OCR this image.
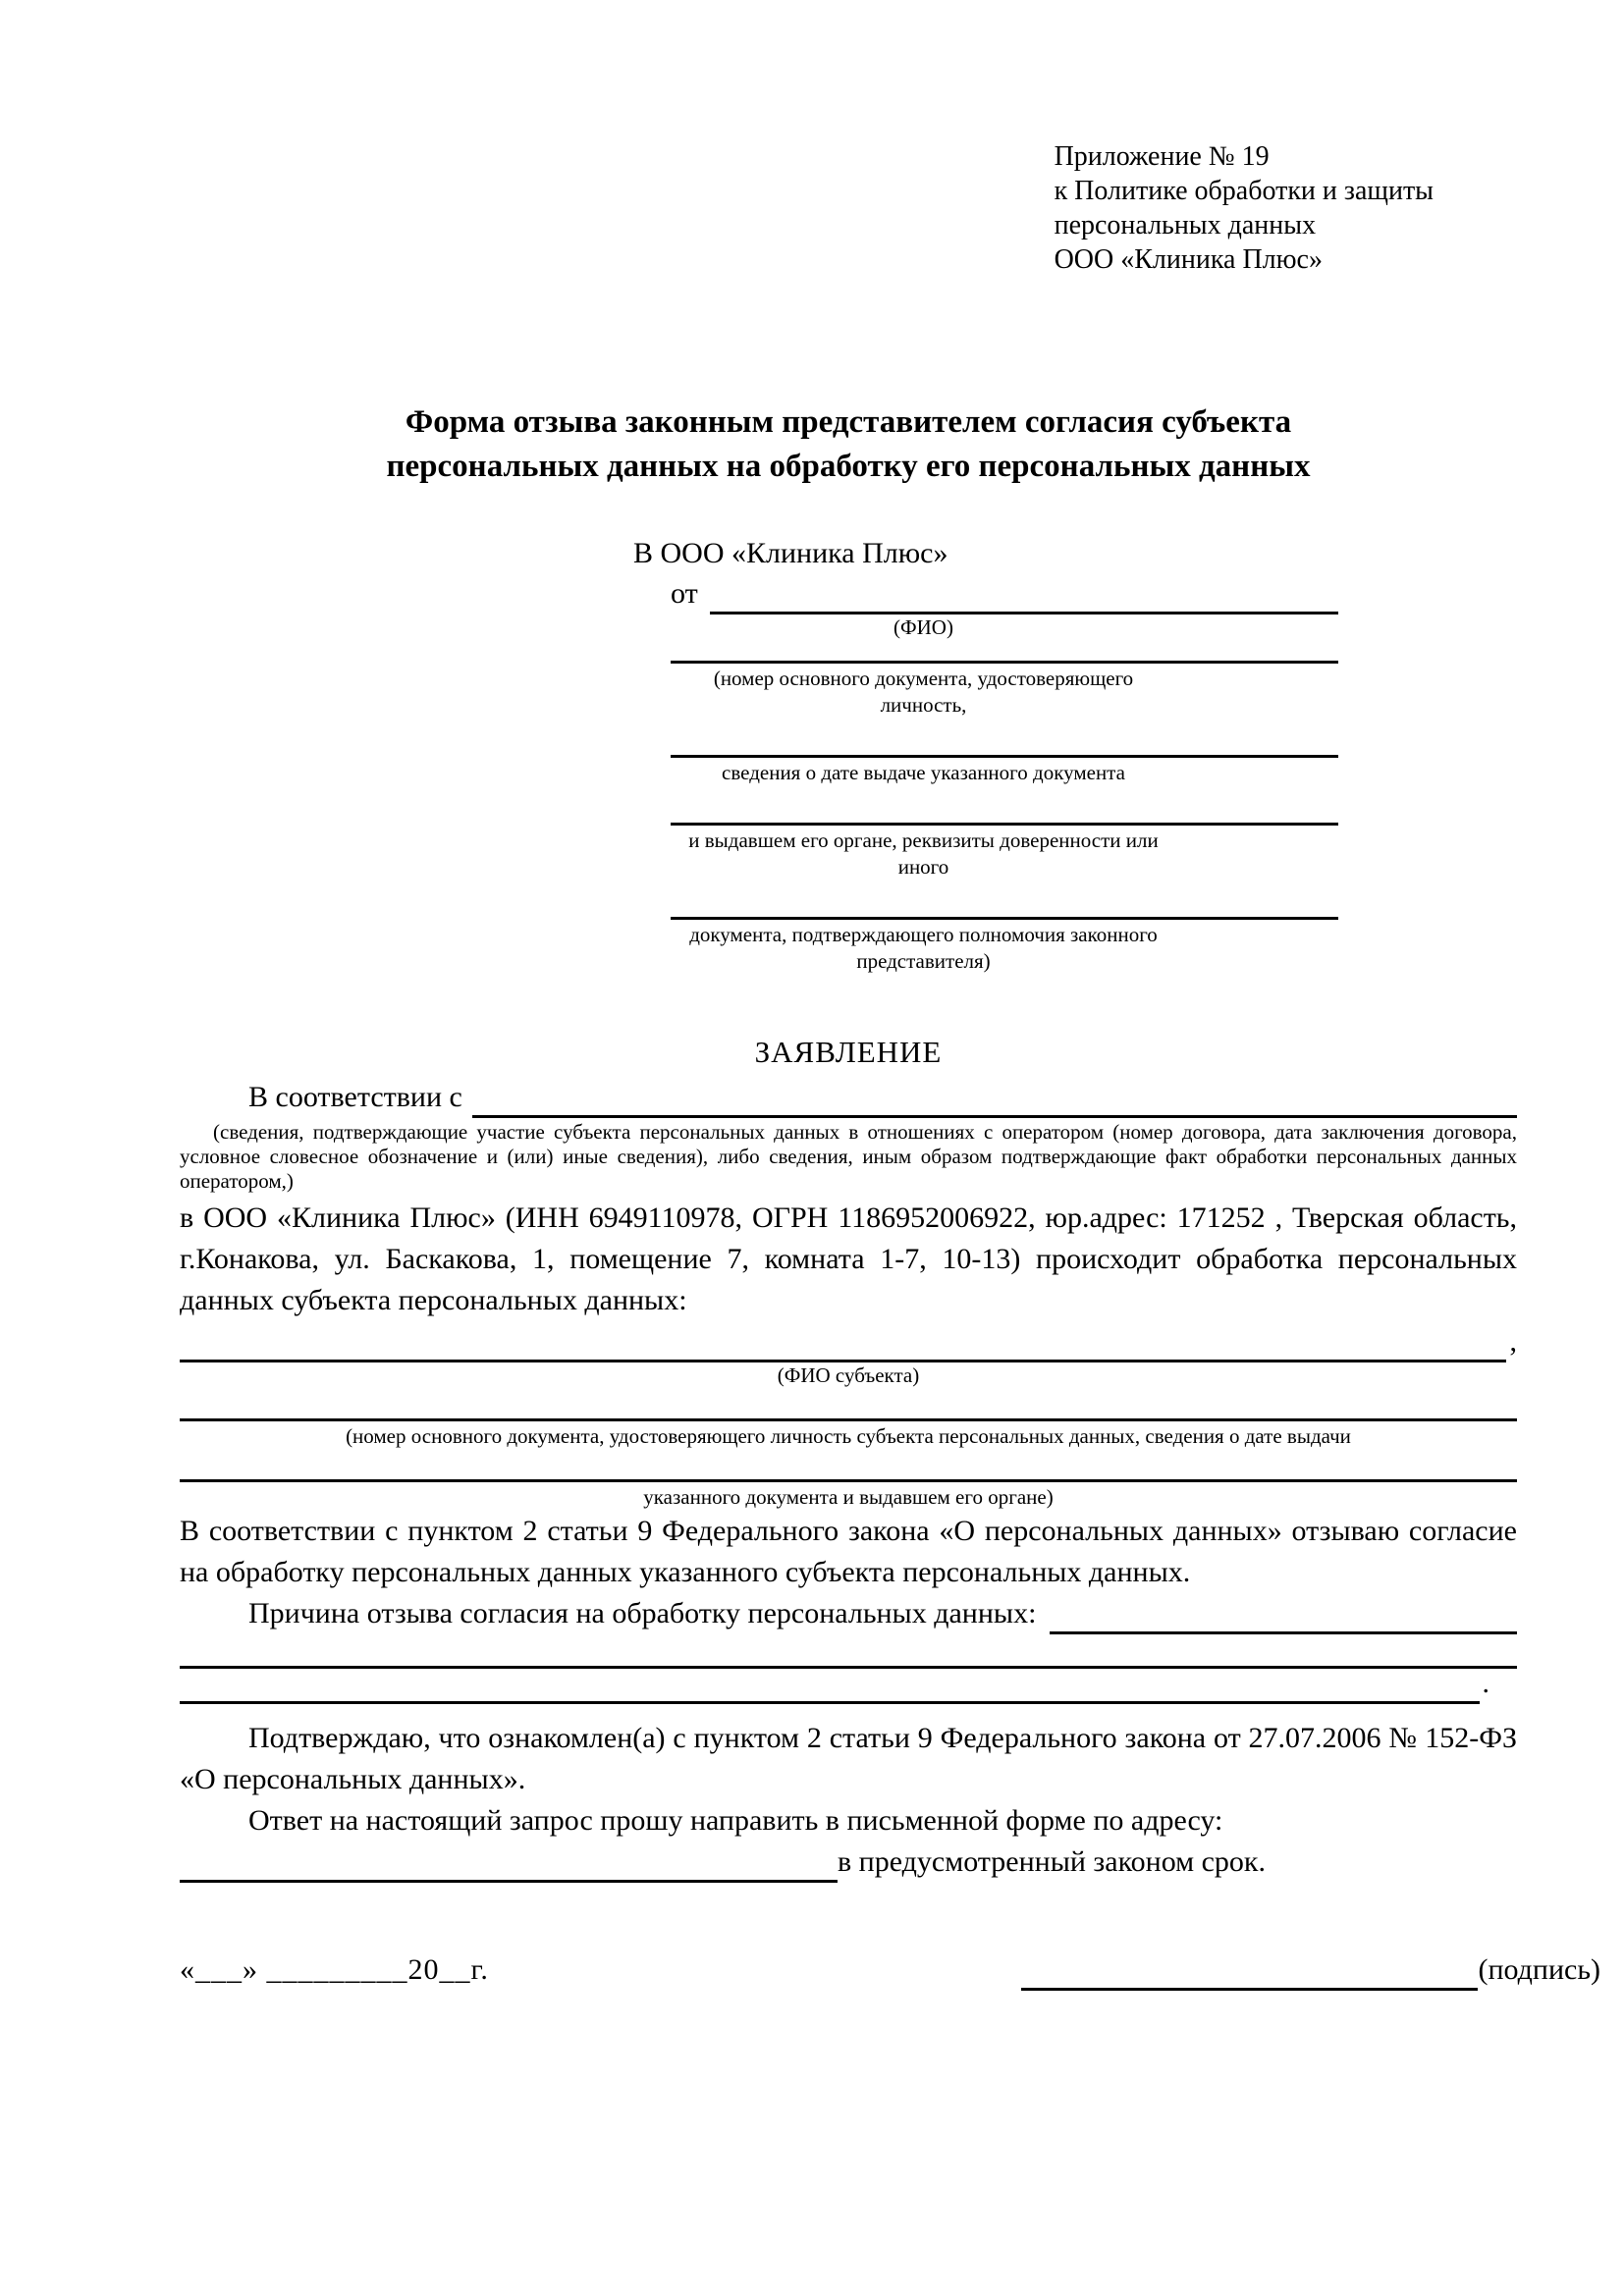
Приложение № 19
к Политике обработки и защиты
персональных данных
ООО «Клиника Плюс»
Форма отзыва законным представителем согласия субъекта
персональных данных на обработку его персональных данных
В ООО «Клиника Плюс»
от
(ФИО)
(номер основного документа, удостоверяющего личность,
сведения о дате выдаче указанного документа
и выдавшем его органе, реквизиты доверенности или иного
документа, подтверждающего полномочия законного представителя)
ЗАЯВЛЕНИЕ
В соответствии с
(сведения, подтверждающие участие субъекта персональных данных в отношениях с оператором (номер договора, дата заключения договора, условное словесное обозначение и (или) иные сведения), либо сведения, иным образом подтверждающие факт обработки персональных данных оператором,)
в ООО «Клиника Плюс» (ИНН 6949110978, ОГРН 1186952006922, юр.адрес: 171252 , Тверская область, г.Конакова, ул. Баскакова, 1, помещение 7, комната 1-7, 10-13) происходит обработка персональных данных субъекта персональных данных:
,
(ФИО субъекта)
(номер основного документа, удостоверяющего личность субъекта персональных данных, сведения о дате выдачи
указанного документа и выдавшем его органе)
В соответствии с пунктом 2 статьи 9 Федерального закона «О персональных данных» отзываю согласие на обработку персональных данных указанного субъекта персональных данных.
Причина отзыва согласия на обработку персональных данных:
.
Подтверждаю, что ознакомлен(а) с пунктом 2 статьи 9 Федерального закона от 27.07.2006 № 152-ФЗ «О персональных данных».
Ответ на настоящий запрос прошу направить в письменной форме по адресу:
в предусмотренный законом срок.
«___» _________20__г.	(подпись)
